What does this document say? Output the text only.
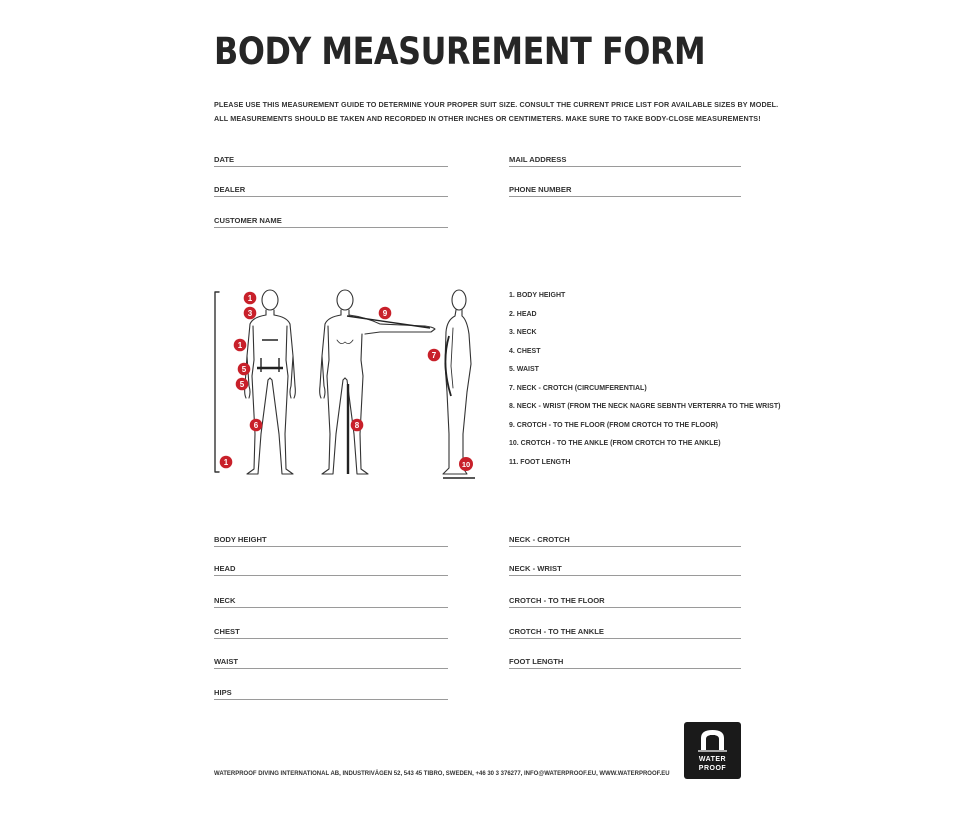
BODY MEASUREMENT FORM
PLEASE USE THIS MEASUREMENT GUIDE TO DETERMINE YOUR PROPER SUIT SIZE. CONSULT THE CURRENT PRICE LIST FOR AVAILABLE SIZES BY MODEL.
ALL MEASUREMENTS SHOULD BE TAKEN AND RECORDED IN OTHER INCHES OR CENTIMETERS. MAKE SURE TO TAKE BODY-CLOSE MEASUREMENTS!
DATE
DEALER
CUSTOMER NAME
MAIL ADDRESS
PHONE NUMBER
1
3
1
5
5
6
1
8
9
7
10
1. BODY HEIGHT
2. HEAD
3. NECK
4. CHEST
5. WAIST
7. NECK - CROTCH (CIRCUMFERENTIAL)
8. NECK - WRIST (FROM THE NECK NAGRE SEBNTH VERTERRA TO THE WRIST)
9. CROTCH - TO THE FLOOR (FROM CROTCH TO THE FLOOR)
10. CROTCH - TO THE ANKLE (FROM CROTCH TO THE ANKLE)
11. FOOT LENGTH
BODY HEIGHT
HEAD
NECK
CHEST
WAIST
HIPS
NECK - CROTCH
NECK - WRIST
CROTCH - TO THE FLOOR
CROTCH - TO THE ANKLE
FOOT LENGTH
WATER
PROOF
WATERPROOF DIVING INTERNATIONAL AB, INDUSTRIVÄGEN 52, 543 45 TIBRO, SWEDEN, +46 30 3 376277, INFO@WATERPROOF.EU, WWW.WATERPROOF.EU
